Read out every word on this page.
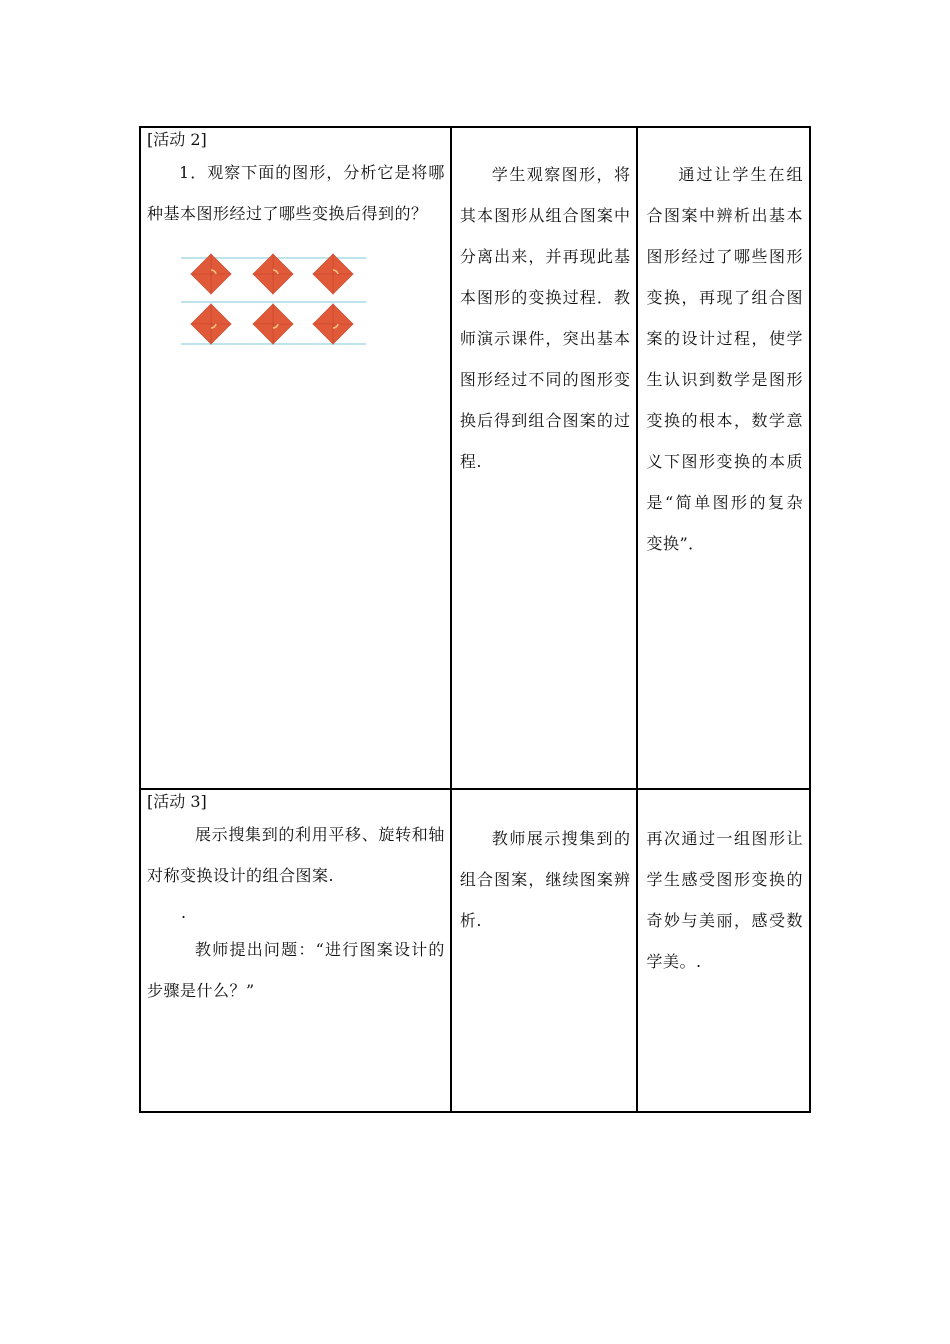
[活动 2]

1．观察下面的图形，分析它是将哪种基本图形经过了哪些变换后得到的？	学生观察图形，将其本图形从组合图案中分离出来，并再现此基本图形的变换过程．教师演示课件，突出基本图形经过不同的图形变换后得到组合图案的过程.	通过让学生在组合图案中辨析出基本图形经过了哪些图形变换，再现了组合图案的设计过程，使学生认识到数学是图形变换的根本，数学意义下图形变换的本质是“简单图形的复杂变换”．

[活动 3]

展示搜集到的利用平移、旋转和轴对称变换设计的组合图案.

.

教师提出问题：“进行图案设计的步骤是什么？”	教师展示搜集到的组合图案，继续图案辨析.	再次通过一组图形让学生感受图形变换的奇妙与美丽，感受数学美。.
